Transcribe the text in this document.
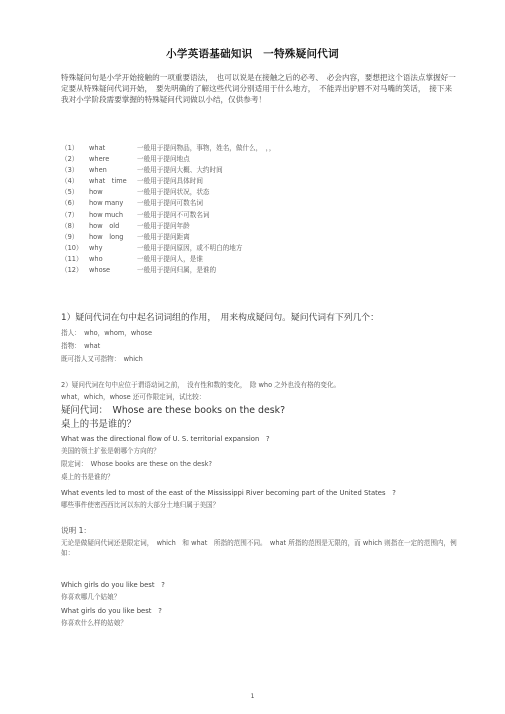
小学英语基础知识　一特殊疑问代词
特殊疑问句是小学开始接触的一项重要语法，　也可以说是在接触之后的必考、　必会内容，要想把这个语法点掌握好一定要从特殊疑问代词开始，　要先明确的了解这些代词分别适用于什么地方，　不能弄出驴唇不对马嘴的笑话，　接下来我对小学阶段需要掌握的特殊疑问代词做以小结，仅供参考！
（1） what	一般用于提问物品，事物，姓名，做什么，　，，
（2） where	一般用于提问地点
（3） when	一般用于提问大概、大约时间
（4） what　time 一般用于提问具体时间
（5） how	一般用于提问状况，状态
（6） how many 一般用于提问可数名词
（7） how much 一般用于提问不可数名词
（8） how　old	一般用于提问年龄
（9） how　long 一般用于提问距离
（10） why	一般用于提问原因，或不明白的地方
（11） who	一般用于提问人，是谁
（12） whose	一般用于提问归属，是谁的
1）疑问代词在句中起名词词组的作用，　用来构成疑问句。疑问代词有下列几个：
指人：　who，whom，whose
指物：　what
既可指人又可指物：　which
2）疑问代词在句中应位于谓语动词之前，　没有性和数的变化，　除 who 之外也没有格的变化。
what，which，whose 还可作限定词，试比较：
疑问代词：　Whose are these books on the desk?
桌上的书是谁的？
What was the directional flow of U. S. territorial expansion　?
美国的领土扩张是朝哪个方向的？
限定词：　Whose books are these on the desk?
桌上的书是谁的？
What events led to most of the east of the Mississippi River becoming part of the United States　?
哪些事件使密西西比河以东的大部分土地归属于美国？
说明 1：
无论是做疑问代词还是限定词，　which　和 what　所指的范围不同。　what 所指的范围是无限的，而 which 则指在一定的范围内，例如：
Which girls do you like best　?
你喜欢哪几个姑娘？
What girls do you like best　?
你喜欢什么样的姑娘？
1
